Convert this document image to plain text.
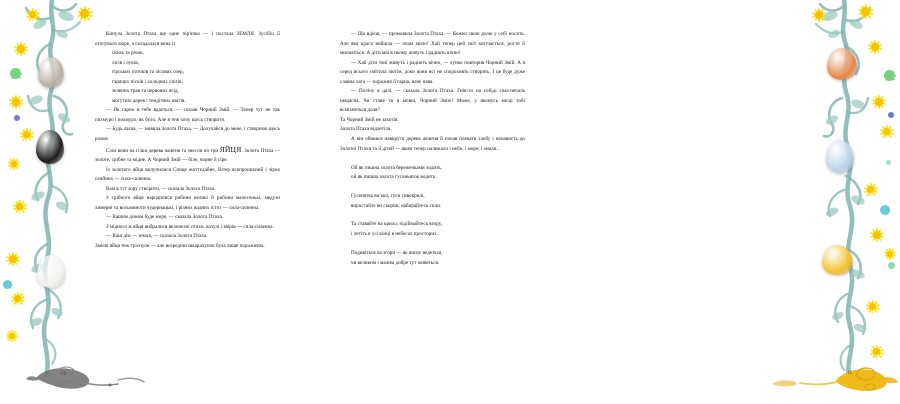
Кинула Золота Птаха ще одне пір'ячко — і постала ЗЕМЛЯ. Зусібіч її оточувало море, а складалася вона із

скель та річок,

лісів і луків,

гірських потоків та лісових озер,

гарячих пісків і холодних снігів,

зелених трав та червоних ягід,

могутніх дерев і тендітних квітів.

— Як гарно в тебе вдається, — сказав Чорний Змій. — Тепер тут не так похмуро і похмуро, як було. Але я теж хочу щось створити.

— Будь ласка, — мовила Золота Птаха. — Долучайся до мене, і створимо щось разом.

Сіли вони на гілки дерева жовтня та знесли по три ЯЙЦЯ. Золота Птаха — золоте, срібне та мідне. А Чорний Змій — біле, чорне й сіре.

Із золотого яйця вилупилися Сонце життєдайне, Вітер всепроникний і зірок осяйних — сила-силенна.

Вам я тут зору створити, — сказала Золота Птаха.

З срібного яйця народилися рибини великі й рибини малесенькі, медузи химерні та восьминоги чудернацькі, і різних водних істот — сила-силенна.

— Вашим домом буде море, — сказала Золота Птаха.

З мідного ж яйця вибралися величезні птахи, козулі і звірів — сила-силенна.

— Ваш дім — земля, — сказала Золота Птаха.

Змієві яйця теж тріснули — але всередині шкаралупок була лише порожнеча.

10

— Що вдієш, — промовила Золота Птаха. — Кожен свою долю у собі носить. Але яка краса вийшла — очам мило! Хай тепер цей світ квітчається, росте й множиться. А діти мої в ньому живуть і радіють вічно!

— Хай діти твої живуть і радіють вічно, — лунко повторив Чорний Змій. А я серед всього смітила лютім, доки вони всі не спорохнять створять. І це буде дуже славна хата — порожня й гарна, наче пава.

— Полічу я далі, — сказала Золота Птаха. Гнів-то на собіді сказ-печаль нещасна. Чи стане ти в мовні, Чорний Змію? Може, у якомусь місці тобі всміхнеться доля?

Та Чорний Змій не захотів.

Золота Птаха відлетіла.

А він обвився навкруги дерева жовтня й почав плекати злобу і ненависть до Золотої Птахи та її дітей — яким тепер належало і небо, і море, і земля...

Ой як пишна золота бережечками ходить,

ой як пишна золота гусоньяток водить.

Гусенятка ви мої, гуси сивокрилі,

виростайте ви скоріш, набирайтесь сили.

Та ставайте на крило, підіймайтесь вгору,

і летіть в усі кінці в небесах просторих.

Подивіться на згори — як внизу ведеться,

чи великим і малим добре тут живеться.

11
